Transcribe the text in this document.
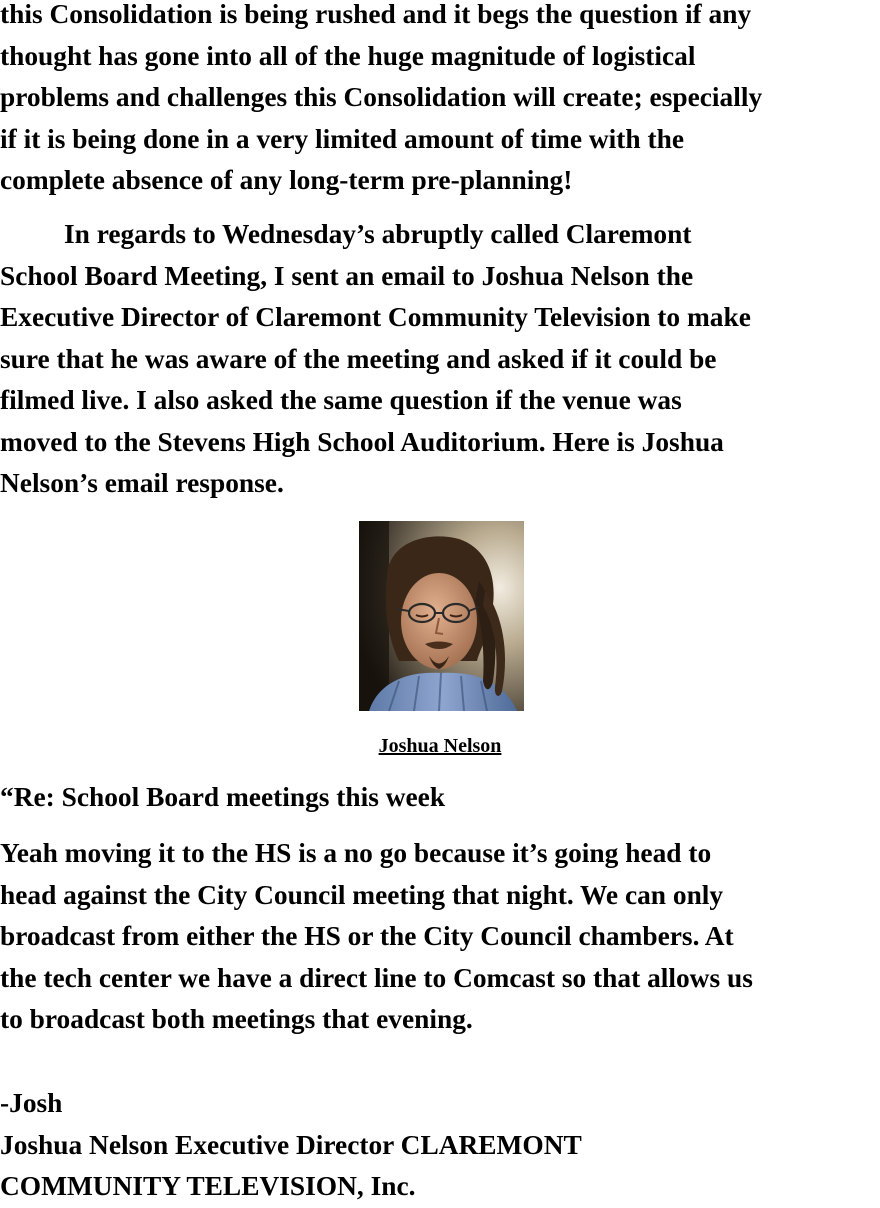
this Consolidation is being rushed and it begs the question if any
thought has gone into all of the huge magnitude of logistical
problems and challenges this Consolidation will create; especially
if it is being done in a very limited amount of time with the
complete absence of any long-term pre-planning!
In regards to Wednesday’s abruptly called Claremont
School Board Meeting, I sent an email to Joshua Nelson the
Executive Director of Claremont Community Television to make
sure that he was aware of the meeting and asked if it could be
filmed live. I also asked the same question if the venue was
moved to the Stevens High School Auditorium. Here is Joshua
Nelson’s email response.
Joshua Nelson
“Re: School Board meetings this week
Yeah moving it to the HS is a no go because it’s going head to
head against the City Council meeting that night. We can only
broadcast from either the HS or the City Council chambers. At
the tech center we have a direct line to Comcast so that allows us
to broadcast both meetings that evening.
-Josh
Joshua Nelson Executive Director CLAREMONT
COMMUNITY TELEVISION, Inc.
